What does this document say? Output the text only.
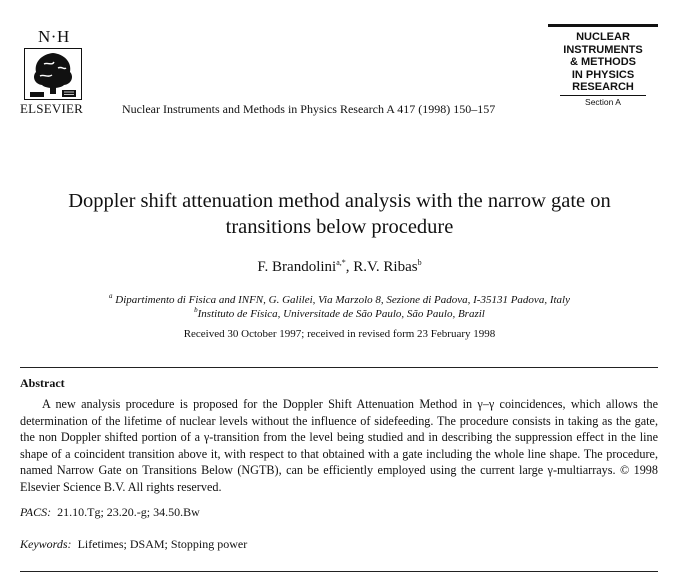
N·H
ELSEVIER	Nuclear Instruments and Methods in Physics Research A 417 (1998) 150–157
NUCLEAR
INSTRUMENTS
& METHODS
IN PHYSICS
RESEARCH
Section A
Doppler shift attenuation method analysis with the narrow gate on
transitions below procedure
F. Brandolini$^{a,*}$, R.V. Ribas$^b$
$^a$ Dipartimento di Fisica and INFN, G. Galilei, Via Marzolo 8, Sezione di Padova, I-35131 Padova, Italy
$^b$Instituto de Física, Universitade de São Paulo, São Paulo, Brazil
Received 30 October 1997; received in revised form 23 February 1998
Abstract

A new analysis procedure is proposed for the Doppler Shift Attenuation Method in γ–γ coincidences, which allows the determination of the lifetime of nuclear levels without the influence of sidefeeding. The procedure consists in taking as the gate, the non Doppler shifted portion of a γ-transition from the level being studied and in describing the suppression effect in the line shape of a coincident transition above it, with respect to that obtained with a gate including the whole line shape. The procedure, named Narrow Gate on Transitions Below (NGTB), can be efficiently employed using the current large γ-multiarrays. © 1998 Elsevier Science B.V. All rights reserved.

PACS: 21.10.Tg; 23.20.-g; 34.50.Bw
Keywords: Lifetimes; DSAM; Stopping power
